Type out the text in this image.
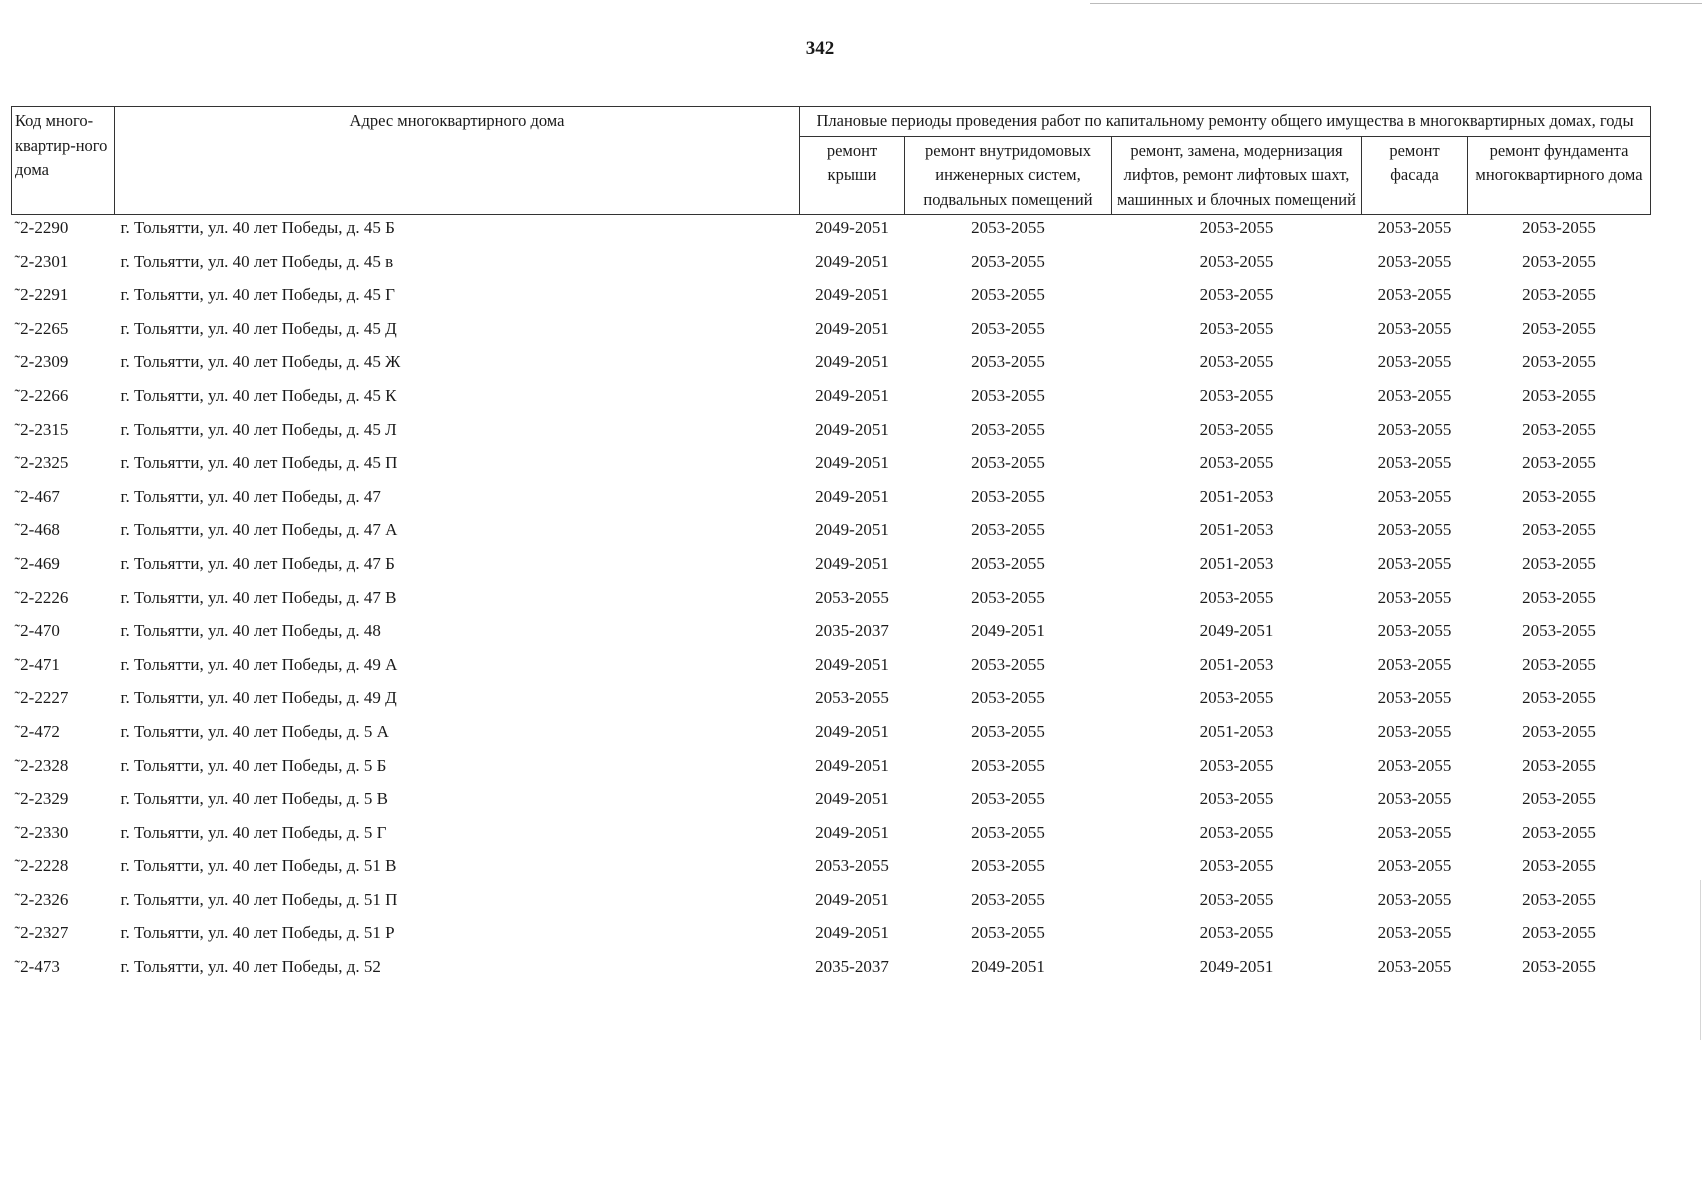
342
Код много-квартир-ного дома	Адрес многоквартирного дома	Плановые периоды проведения работ по капитальному ремонту общего имущества в многоквартирных домах, годы				
		ремонт крыши	ремонт внутридомовых инженерных систем, подвальных помещений	ремонт, замена, модернизация лифтов, ремонт лифтовых шахт, машинных и блочных помещений	ремонт фасада	ремонт фундамента многоквартирного дома
˜2-2290	г. Тольятти, ул. 40 лет Победы, д. 45 Б	2049-2051	2053-2055	2053-2055	2053-2055	2053-2055
˜2-2301	г. Тольятти, ул. 40 лет Победы, д. 45 в	2049-2051	2053-2055	2053-2055	2053-2055	2053-2055
˜2-2291	г. Тольятти, ул. 40 лет Победы, д. 45 Г	2049-2051	2053-2055	2053-2055	2053-2055	2053-2055
˜2-2265	г. Тольятти, ул. 40 лет Победы, д. 45 Д	2049-2051	2053-2055	2053-2055	2053-2055	2053-2055
˜2-2309	г. Тольятти, ул. 40 лет Победы, д. 45 Ж	2049-2051	2053-2055	2053-2055	2053-2055	2053-2055
˜2-2266	г. Тольятти, ул. 40 лет Победы, д. 45 К	2049-2051	2053-2055	2053-2055	2053-2055	2053-2055
˜2-2315	г. Тольятти, ул. 40 лет Победы, д. 45 Л	2049-2051	2053-2055	2053-2055	2053-2055	2053-2055
˜2-2325	г. Тольятти, ул. 40 лет Победы, д. 45 П	2049-2051	2053-2055	2053-2055	2053-2055	2053-2055
˜2-467	г. Тольятти, ул. 40 лет Победы, д. 47	2049-2051	2053-2055	2051-2053	2053-2055	2053-2055
˜2-468	г. Тольятти, ул. 40 лет Победы, д. 47 А	2049-2051	2053-2055	2051-2053	2053-2055	2053-2055
˜2-469	г. Тольятти, ул. 40 лет Победы, д. 47 Б	2049-2051	2053-2055	2051-2053	2053-2055	2053-2055
˜2-2226	г. Тольятти, ул. 40 лет Победы, д. 47 В	2053-2055	2053-2055	2053-2055	2053-2055	2053-2055
˜2-470	г. Тольятти, ул. 40 лет Победы, д. 48	2035-2037	2049-2051	2049-2051	2053-2055	2053-2055
˜2-471	г. Тольятти, ул. 40 лет Победы, д. 49 А	2049-2051	2053-2055	2051-2053	2053-2055	2053-2055
˜2-2227	г. Тольятти, ул. 40 лет Победы, д. 49 Д	2053-2055	2053-2055	2053-2055	2053-2055	2053-2055
˜2-472	г. Тольятти, ул. 40 лет Победы, д. 5 А	2049-2051	2053-2055	2051-2053	2053-2055	2053-2055
˜2-2328	г. Тольятти, ул. 40 лет Победы, д. 5 Б	2049-2051	2053-2055	2053-2055	2053-2055	2053-2055
˜2-2329	г. Тольятти, ул. 40 лет Победы, д. 5 В	2049-2051	2053-2055	2053-2055	2053-2055	2053-2055
˜2-2330	г. Тольятти, ул. 40 лет Победы, д. 5 Г	2049-2051	2053-2055	2053-2055	2053-2055	2053-2055
˜2-2228	г. Тольятти, ул. 40 лет Победы, д. 51 В	2053-2055	2053-2055	2053-2055	2053-2055	2053-2055
˜2-2326	г. Тольятти, ул. 40 лет Победы, д. 51 П	2049-2051	2053-2055	2053-2055	2053-2055	2053-2055
˜2-2327	г. Тольятти, ул. 40 лет Победы, д. 51 Р	2049-2051	2053-2055	2053-2055	2053-2055	2053-2055
˜2-473	г. Тольятти, ул. 40 лет Победы, д. 52	2035-2037	2049-2051	2049-2051	2053-2055	2053-2055
